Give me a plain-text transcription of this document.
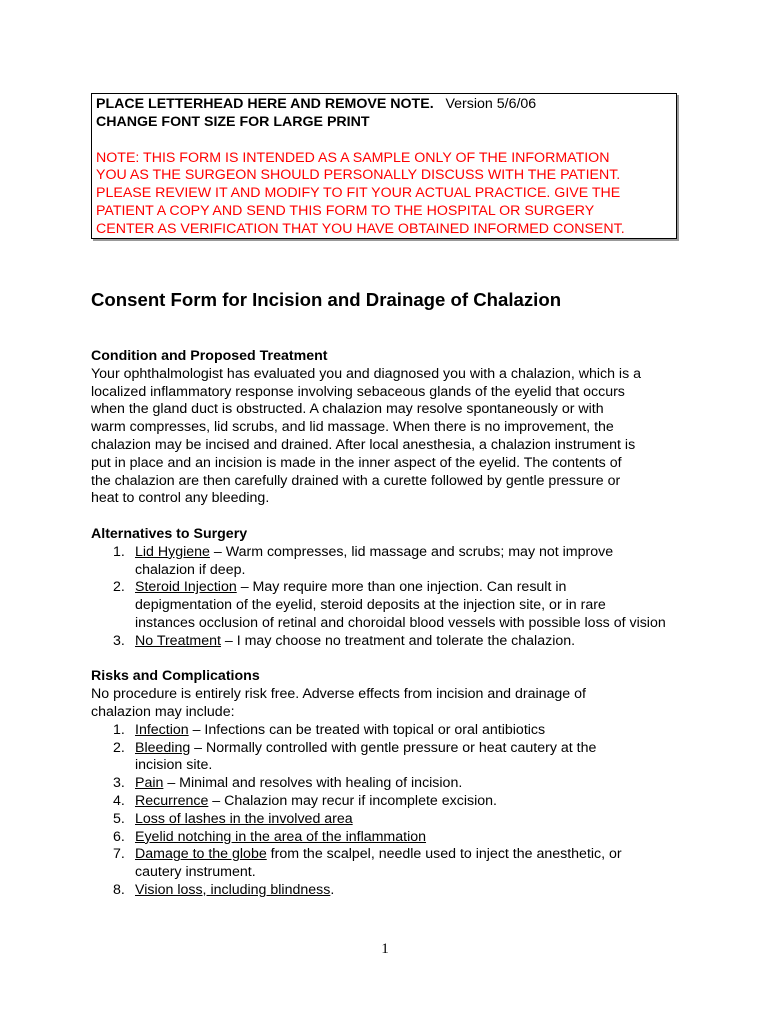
PLACE LETTERHEAD HERE AND REMOVE NOTE. Version 5/6/06
CHANGE FONT SIZE FOR LARGE PRINT
NOTE: THIS FORM IS INTENDED AS A SAMPLE ONLY OF THE INFORMATION
YOU AS THE SURGEON SHOULD PERSONALLY DISCUSS WITH THE PATIENT.
PLEASE REVIEW IT AND MODIFY TO FIT YOUR ACTUAL PRACTICE. GIVE THE
PATIENT A COPY AND SEND THIS FORM TO THE HOSPITAL OR SURGERY
CENTER AS VERIFICATION THAT YOU HAVE OBTAINED INFORMED CONSENT.
Consent Form for Incision and Drainage of Chalazion
Condition and Proposed Treatment
Your ophthalmologist has evaluated you and diagnosed you with a chalazion, which is a
localized inflammatory response involving sebaceous glands of the eyelid that occurs
when the gland duct is obstructed. A chalazion may resolve spontaneously or with
warm compresses, lid scrubs, and lid massage. When there is no improvement, the
chalazion may be incised and drained. After local anesthesia, a chalazion instrument is
put in place and an incision is made in the inner aspect of the eyelid. The contents of
the chalazion are then carefully drained with a curette followed by gentle pressure or
heat to control any bleeding.
Alternatives to Surgery
1. Lid Hygiene – Warm compresses, lid massage and scrubs; may not improve
chalazion if deep.
2. Steroid Injection – May require more than one injection. Can result in
depigmentation of the eyelid, steroid deposits at the injection site, or in rare
instances occlusion of retinal and choroidal blood vessels with possible loss of vision
3. No Treatment – I may choose no treatment and tolerate the chalazion.
Risks and Complications
No procedure is entirely risk free. Adverse effects from incision and drainage of
chalazion may include:
1. Infection – Infections can be treated with topical or oral antibiotics
2. Bleeding – Normally controlled with gentle pressure or heat cautery at the
incision site.
3. Pain – Minimal and resolves with healing of incision.
4. Recurrence – Chalazion may recur if incomplete excision.
5. Loss of lashes in the involved area
6. Eyelid notching in the area of the inflammation
7. Damage to the globe from the scalpel, needle used to inject the anesthetic, or
cautery instrument.
8. Vision loss, including blindness.
1
